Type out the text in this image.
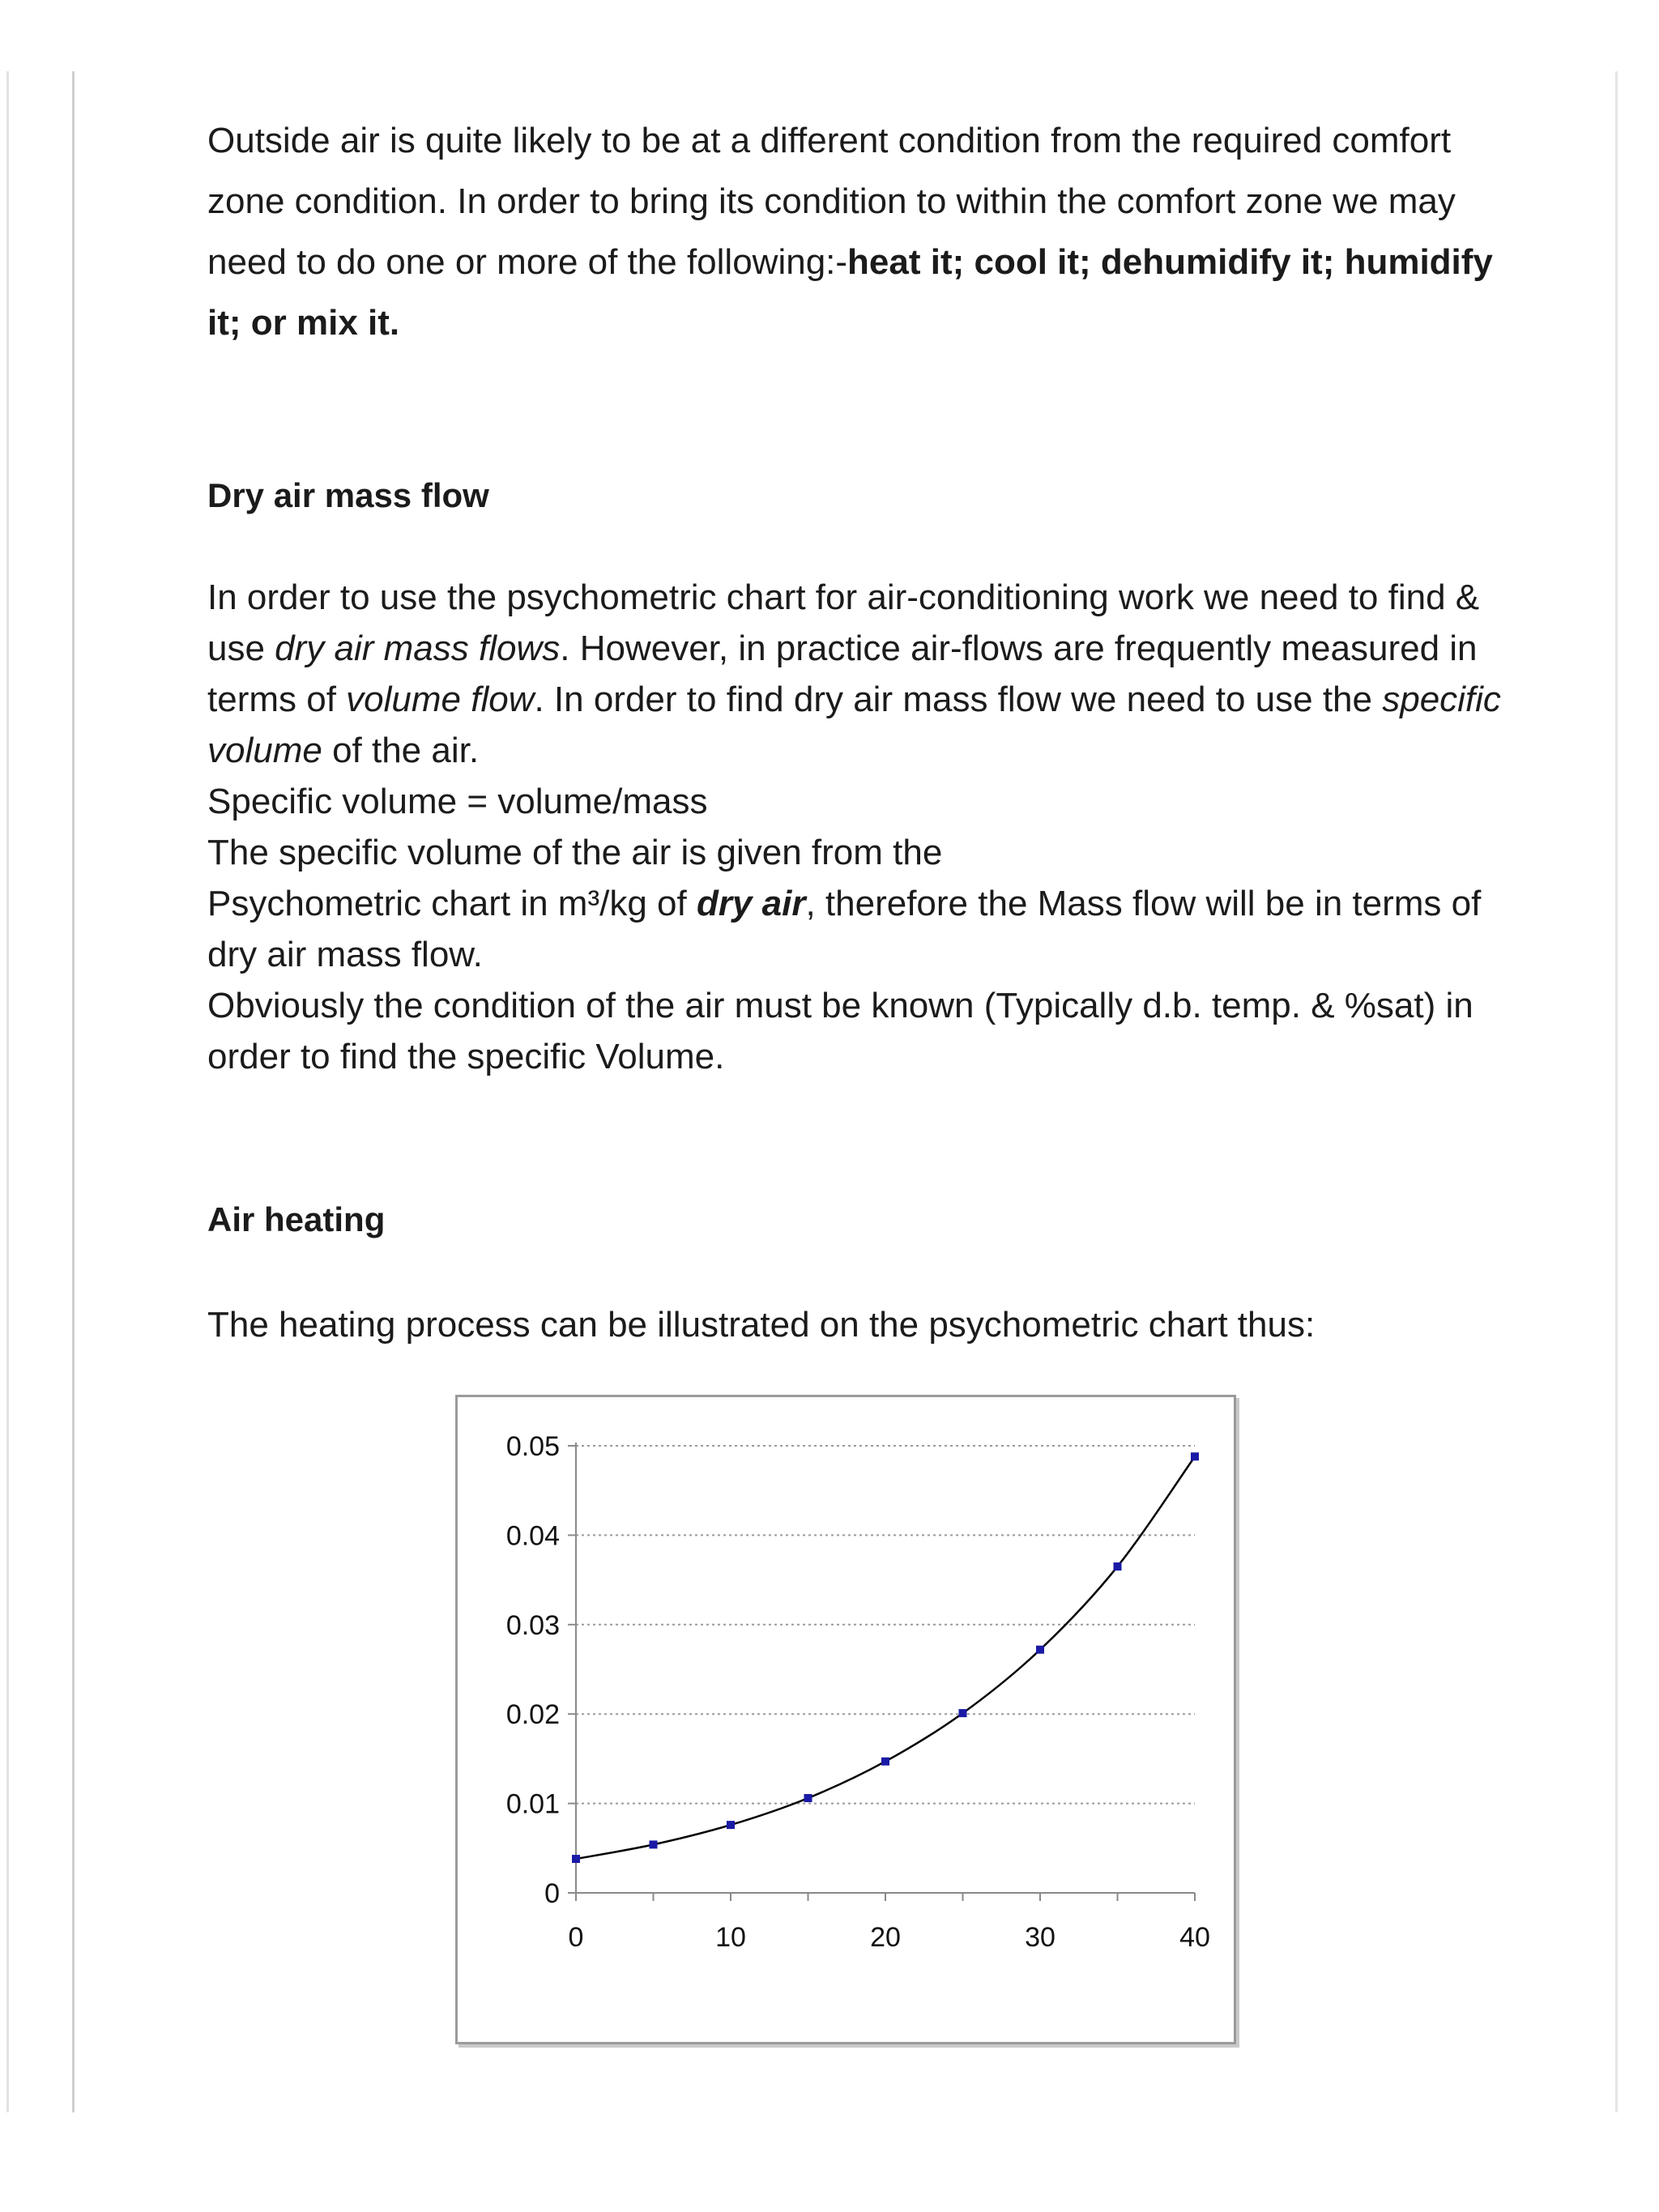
Outside air is quite likely to be at a different condition from the required comfort zone condition. In order to bring its condition to within the comfort zone we may need to do one or more of the following:-heat it; cool it; dehumidify it; humidify it; or mix it.

Dry air mass flow

In order to use the psychometric chart for air-conditioning work we need to find & use dry air mass flows. However, in practice air-flows are frequently measured in terms of volume flow. In order to find dry air mass flow we need to use the specific volume of the air.

Specific volume = volume/mass

The specific volume of the air is given from the

Psychometric chart in m³/kg of dry air, therefore the Mass flow will be in terms of dry air mass flow.

Obviously the condition of the air must be known (Typically d.b. temp. & %sat) in order to find the specific Volume.

Air heating

The heating process can be illustrated on the psychometric chart thus:

0
0.01
0.02
0.03
0.04
0.05
0	10	20	30	40
